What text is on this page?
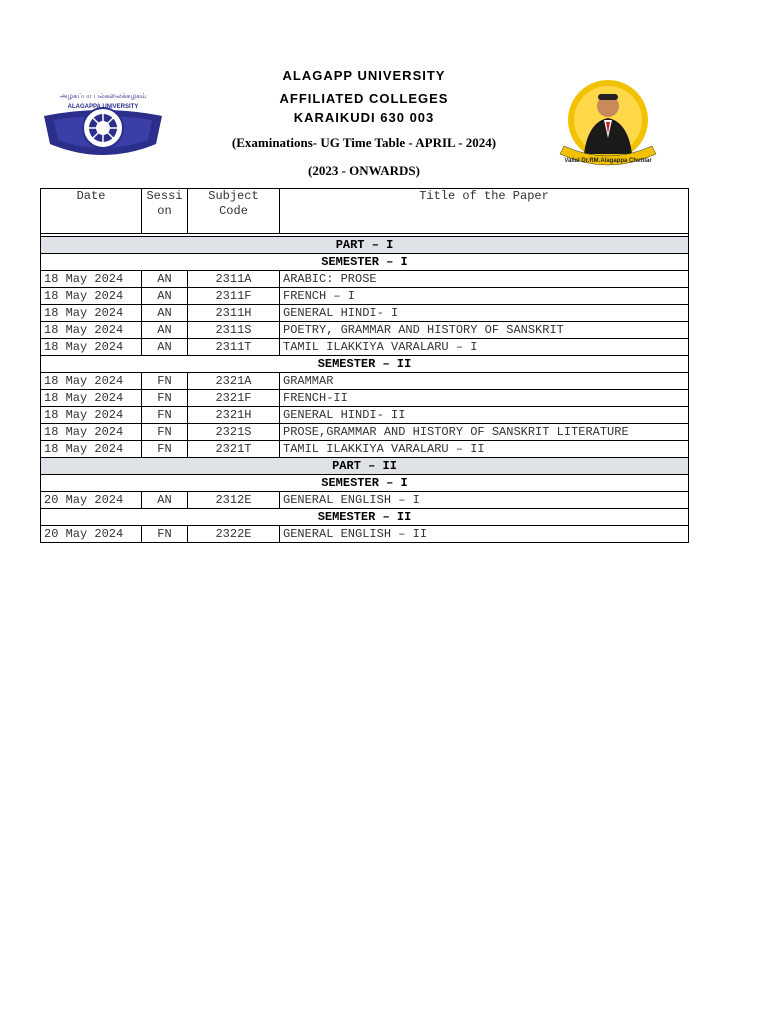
ALAGAPP UNIVERSITY
AFFILIATED COLLEGES
KARAIKUDI 630 003
(Examinations- UG Time Table - APRIL - 2024)
(2023 - ONWARDS)
அழகப்பா பல்கலைக்கழகம்
ALAGAPPA UNIVERSITY
Vallal Dr.RM.Alagappa Chettiar
Date	Sessi on	Subject Code	Title of the Paper

PART – I			
SEMESTER – I			
18 May 2024	AN	2311A	ARABIC: PROSE
18 May 2024	AN	2311F	FRENCH – I
18 May 2024	AN	2311H	GENERAL HINDI- I
18 May 2024	AN	2311S	POETRY, GRAMMAR AND HISTORY OF SANSKRIT
18 May 2024	AN	2311T	TAMIL ILAKKIYA VARALARU – I
SEMESTER – II			
18 May 2024	FN	2321A	GRAMMAR
18 May 2024	FN	2321F	FRENCH-II
18 May 2024	FN	2321H	GENERAL HINDI- II
18 May 2024	FN	2321S	PROSE,GRAMMAR AND HISTORY OF SANSKRIT LITERATURE
18 May 2024	FN	2321T	TAMIL ILAKKIYA VARALARU – II
PART – II			
SEMESTER – I			
20 May 2024	AN	2312E	GENERAL ENGLISH – I
SEMESTER – II			
20 May 2024	FN	2322E	GENERAL ENGLISH – II
